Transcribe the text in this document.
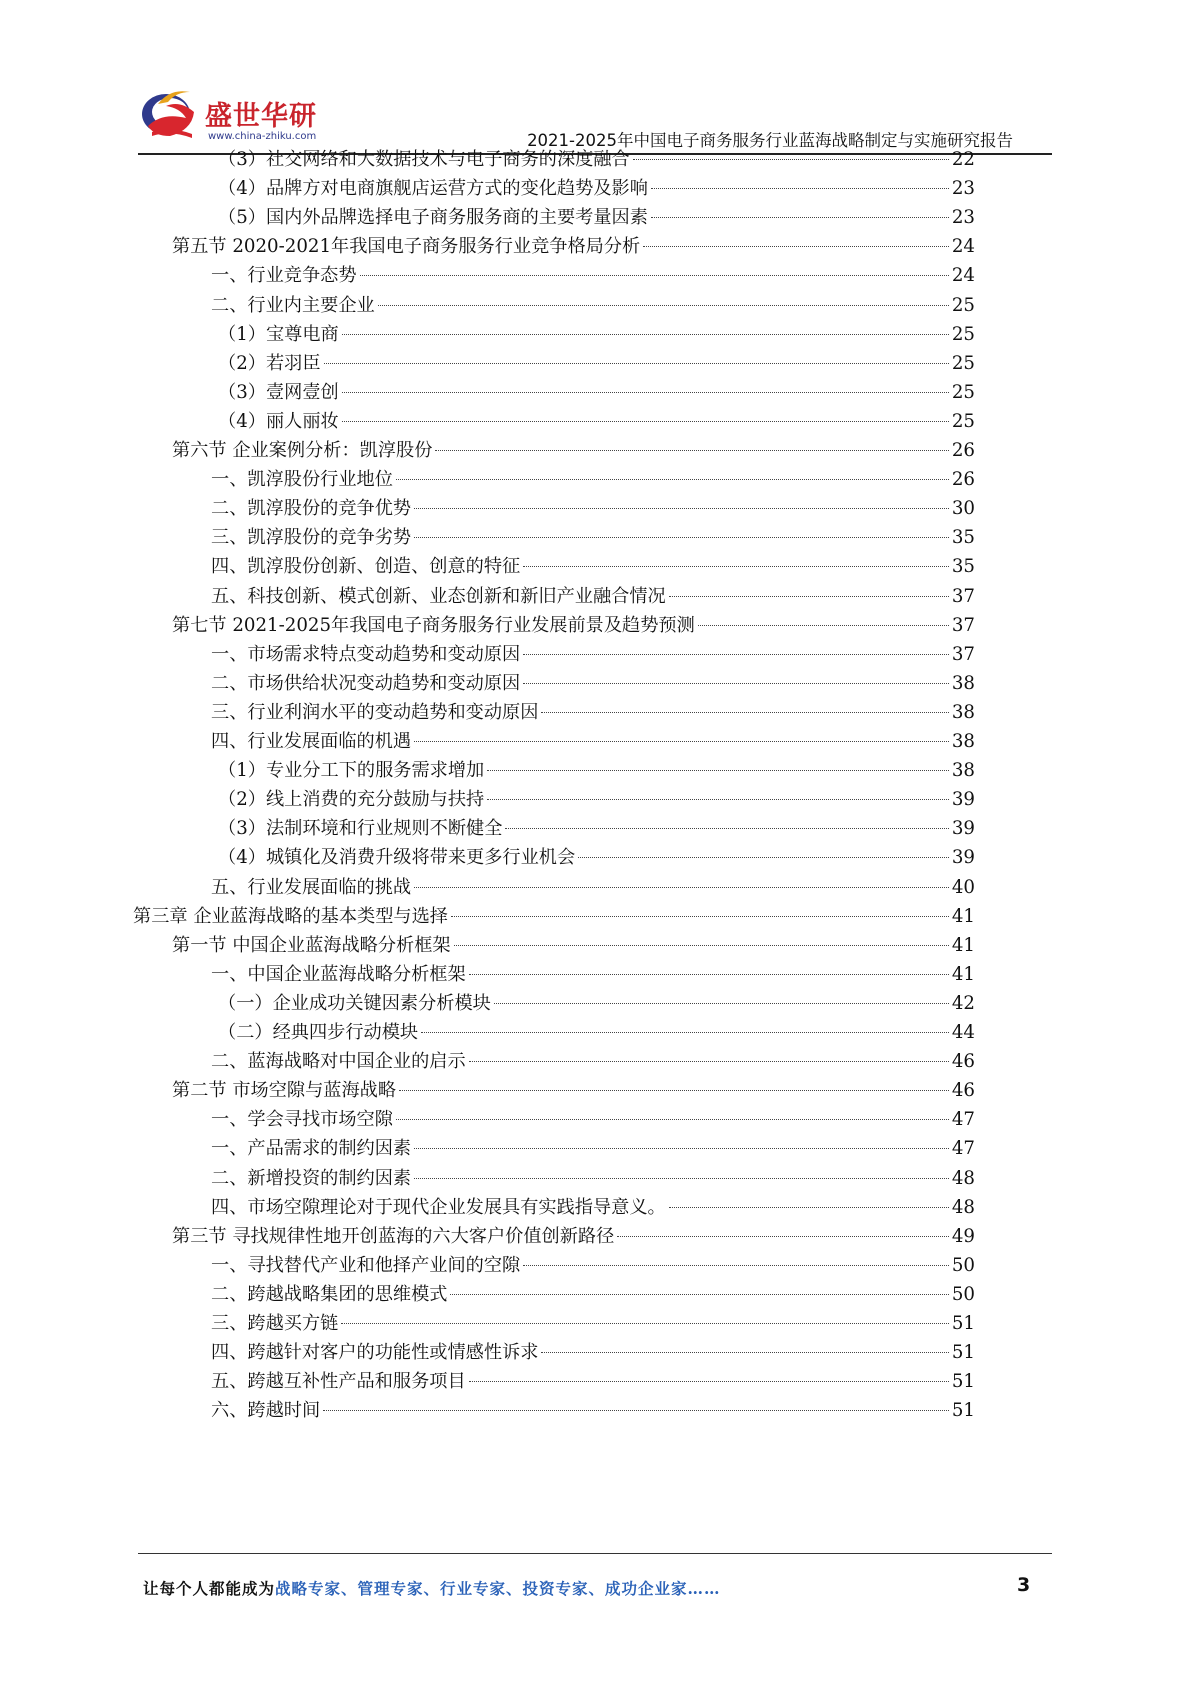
盛世华研
www.china-zhiku.com	2021-2025年中国电子商务服务行业蓝海战略制定与实施研究报告
（3）社交网络和大数据技术与电子商务的深度融合	22
（4）品牌方对电商旗舰店运营方式的变化趋势及影响	23
（5）国内外品牌选择电子商务服务商的主要考量因素	23
第五节 2020-2021年我国电子商务服务行业竞争格局分析	24
一、行业竞争态势	24
二、行业内主要企业	25
（1）宝尊电商	25
（2）若羽臣	25
（3）壹网壹创	25
（4）丽人丽妆	25
第六节 企业案例分析：凯淳股份	26
一、凯淳股份行业地位	26
二、凯淳股份的竞争优势	30
三、凯淳股份的竞争劣势	35
四、凯淳股份创新、创造、创意的特征	35
五、科技创新、模式创新、业态创新和新旧产业融合情况	37
第七节 2021-2025年我国电子商务服务行业发展前景及趋势预测	37
一、市场需求特点变动趋势和变动原因	37
二、市场供给状况变动趋势和变动原因	38
三、行业利润水平的变动趋势和变动原因	38
四、行业发展面临的机遇	38
（1）专业分工下的服务需求增加	38
（2）线上消费的充分鼓励与扶持	39
（3）法制环境和行业规则不断健全	39
（4）城镇化及消费升级将带来更多行业机会	39
五、行业发展面临的挑战	40
第三章 企业蓝海战略的基本类型与选择	41
第一节 中国企业蓝海战略分析框架	41
一、中国企业蓝海战略分析框架	41
（一）企业成功关键因素分析模块	42
（二）经典四步行动模块	44
二、蓝海战略对中国企业的启示	46
第二节 市场空隙与蓝海战略	46
一、学会寻找市场空隙	47
一、产品需求的制约因素	47
二、新增投资的制约因素	48
四、市场空隙理论对于现代企业发展具有实践指导意义。	48
第三节 寻找规律性地开创蓝海的六大客户价值创新路径	49
一、寻找替代产业和他择产业间的空隙	50
二、跨越战略集团的思维模式	50
三、跨越买方链	51
四、跨越针对客户的功能性或情感性诉求	51
五、跨越互补性产品和服务项目	51
六、跨越时间	51
让每个人都能成为战略专家、管理专家、行业专家、投资专家、成功企业家……	3
